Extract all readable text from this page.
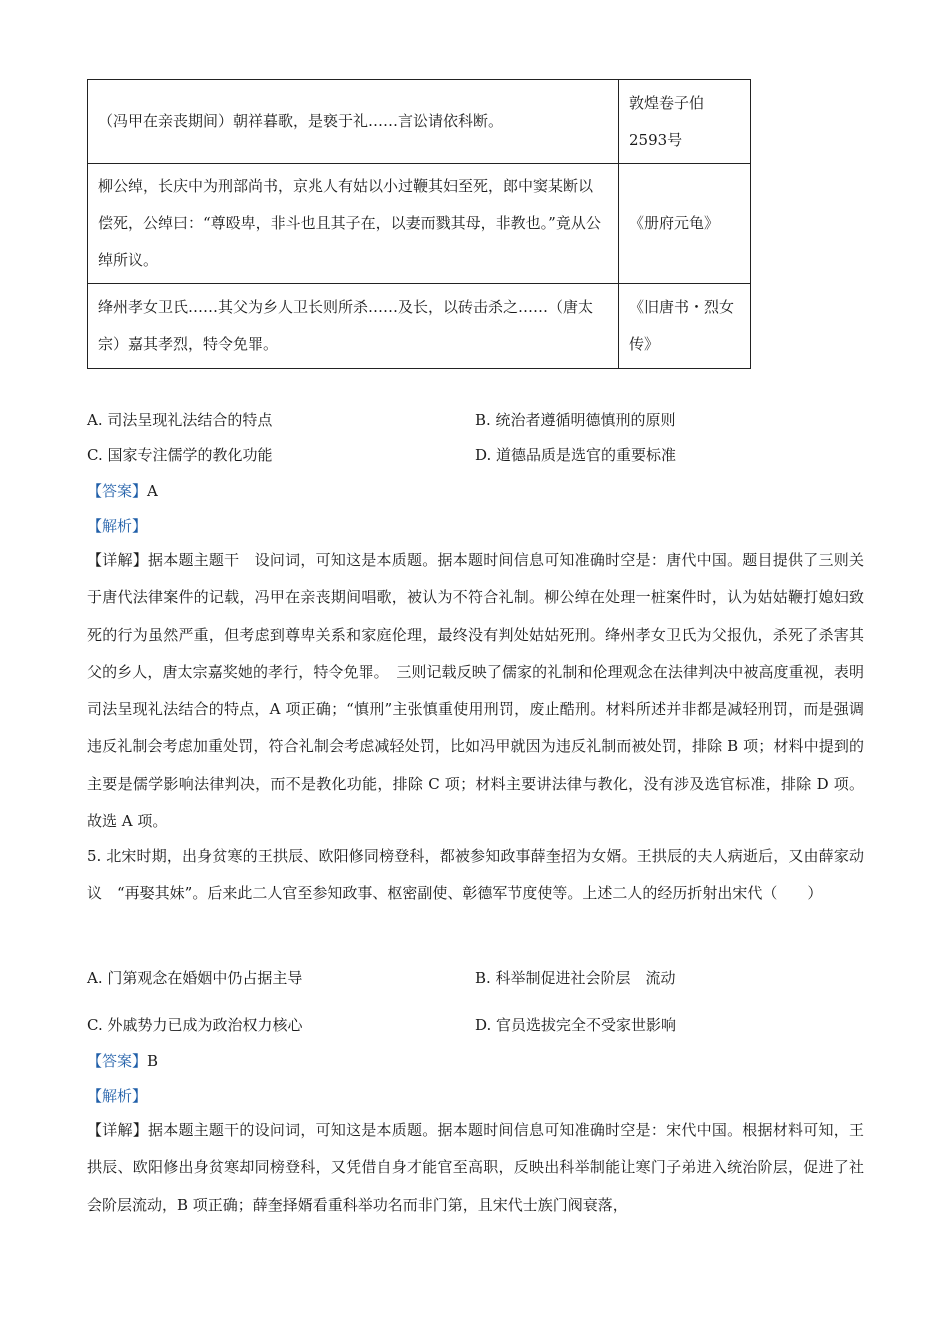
（冯甲在亲丧期间）朝祥暮歌，是亵于礼……言讼请依科断。	敦煌卷子伯2593号
柳公绰，长庆中为刑部尚书，京兆人有姑以小过鞭其妇至死，郎中窦某断以偿死，公绰曰：“尊殴卑，非斗也且其子在，以妻而戮其母，非教也。”竟从公绰所议。	《册府元龟》
绛州孝女卫氏……其父为乡人卫长则所杀……及长，以砖击杀之……（唐太宗）嘉其孝烈，特令免罪。	《旧唐书・烈女传》
A. 司法呈现礼法结合的特点	B. 统治者遵循明德慎刑的原则
C. 国家专注儒学的教化功能	D. 道德品质是选官的重要标准
【答案】A
【解析】
【详解】据本题主题干　设问词，可知这是本质题。据本题时间信息可知准确时空是：唐代中国。题目提供了三则关于唐代法律案件的记载，冯甲在亲丧期间唱歌，被认为不符合礼制。柳公绰在处理一桩案件时，认为姑姑鞭打媳妇致死的行为虽然严重，但考虑到尊卑关系和家庭伦理，最终没有判处姑姑死刑。绛州孝女卫氏为父报仇，杀死了杀害其父的乡人，唐太宗嘉奖她的孝行，特令免罪。　三则记载反映了儒家的礼制和伦理观念在法律判决中被高度重视，表明司法呈现礼法结合的特点，A 项正确；“慎刑”主张慎重使用刑罚，废止酷刑。材料所述并非都是减轻刑罚，而是强调违反礼制会考虑加重处罚，符合礼制会考虑减轻处罚，比如冯甲就因为违反礼制而被处罚，排除 B 项；材料中提到的主要是儒学影响法律判决，而不是教化功能，排除 C 项；材料主要讲法律与教化，没有涉及选官标准，排除 D 项。故选 A 项。
5. 北宋时期，出身贫寒的王拱辰、欧阳修同榜登科，都被参知政事薛奎招为女婿。王拱辰的夫人病逝后，又由薛家动议　“再娶其妹”。后来此二人官至参知政事、枢密副使、彰德军节度使等。上述二人的经历折射出宋代（　　）
A. 门第观念在婚姻中仍占据主导	B. 科举制促进社会阶层　流动
C. 外戚势力已成为政治权力核心	D. 官员选拔完全不受家世影响
【答案】B
【解析】
【详解】据本题主题干的设问词，可知这是本质题。据本题时间信息可知准确时空是：宋代中国。根据材料可知，王拱辰、欧阳修出身贫寒却同榜登科，又凭借自身才能官至高职，反映出科举制能让寒门子弟进入统治阶层，促进了社会阶层流动，B 项正确；薛奎择婿看重科举功名而非门第，且宋代士族门阀衰落，
